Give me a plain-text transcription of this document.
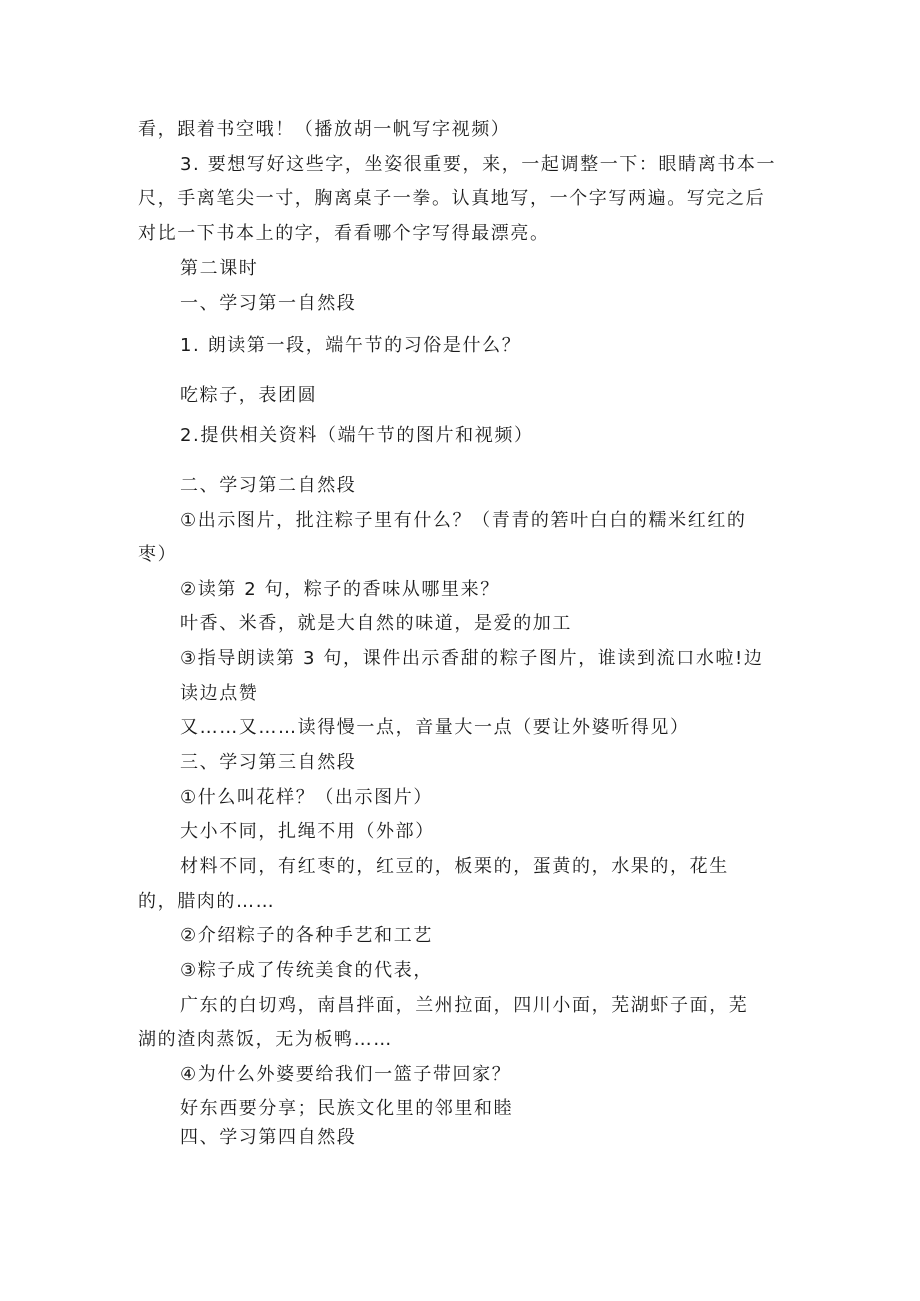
看，跟着书空哦！（播放胡一帆写字视频）
3. 要想写好这些字，坐姿很重要，来，一起调整一下：眼睛离书本一
尺，手离笔尖一寸，胸离桌子一拳。认真地写，一个字写两遍。写完之后
对比一下书本上的字，看看哪个字写得最漂亮。
第二课时
一、学习第一自然段
1. 朗读第一段，端午节的习俗是什么？
吃粽子，表团圆
2.提供相关资料（端午节的图片和视频）
二、学习第二自然段
①出示图片，批注粽子里有什么？（青青的箬叶白白的糯米红红的
枣）
②读第 2 句，粽子的香味从哪里来？
叶香、米香，就是大自然的味道，是爱的加工
③指导朗读第 3 句，课件出示香甜的粽子图片，谁读到流口水啦!边
读边点赞
又……又……读得慢一点，音量大一点（要让外婆听得见）
三、学习第三自然段
①什么叫花样？（出示图片）
大小不同，扎绳不用（外部）
材料不同，有红枣的，红豆的，板栗的，蛋黄的，水果的，花生
的，腊肉的……
②介绍粽子的各种手艺和工艺
③粽子成了传统美食的代表，
广东的白切鸡，南昌拌面，兰州拉面，四川小面，芜湖虾子面，芜
湖的渣肉蒸饭，无为板鸭……
④为什么外婆要给我们一篮子带回家？
好东西要分享；民族文化里的邻里和睦
四、学习第四自然段
